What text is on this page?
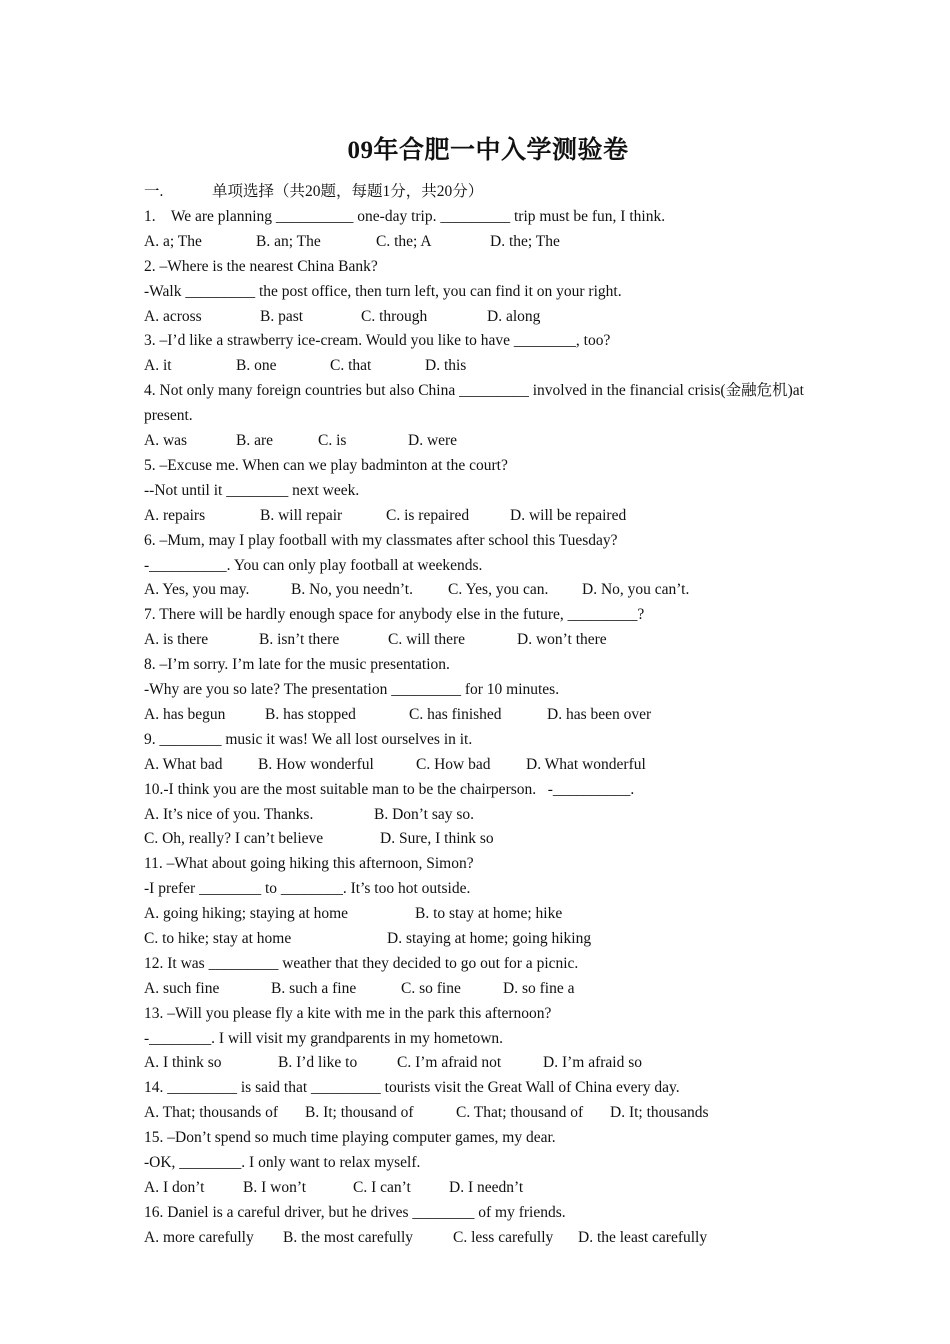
09年合肥一中入学测验卷
一.	单项选择（共20题，每题1分，共20分）
1.    We are planning __________ one-day trip. _________ trip must be fun, I think.
A. a; The	B. an; The	C. the; A	D. the; The
2. –Where is the nearest China Bank?
-Walk _________ the post office, then turn left, you can find it on your right.
A. across	B. past	C. through	D. along
3. –I’d like a strawberry ice-cream. Would you like to have ________, too?
A. it	B. one	C. that	D. this
4. Not only many foreign countries but also China _________ involved in the financial crisis(金融危机)at present.
A. was	B. are	C. is	D. were
5. –Excuse me. When can we play badminton at the court?
--Not until it ________ next week.
A. repairs	B. will repair	C. is repaired	D. will be repaired
6. –Mum, may I play football with my classmates after school this Tuesday?
-__________. You can only play football at weekends.
A. Yes, you may.	B. No, you needn’t.	C. Yes, you can.	D. No, you can’t.
7. There will be hardly enough space for anybody else in the future, _________?
A. is there	B. isn’t there	C. will there	D. won’t there
8. –I’m sorry. I’m late for the music presentation.
-Why are you so late? The presentation _________ for 10 minutes.
A. has begun	B. has stopped	C. has finished	D. has been over
9. ________ music it was! We all lost ourselves in it.
A. What bad	B. How wonderful	C. How bad	D. What wonderful
10.-I think you are the most suitable man to be the chairperson.   -__________.
A. It’s nice of you. Thanks.	B. Don’t say so.
C. Oh, really? I can’t believe	D. Sure, I think so
11. –What about going hiking this afternoon, Simon?
-I prefer ________ to ________. It’s too hot outside.
A. going hiking; staying at home	B. to stay at home; hike
C. to hike; stay at home	D. staying at home; going hiking
12. It was _________ weather that they decided to go out for a picnic.
A. such fine	B. such a fine	C. so fine	D. so fine a
13. –Will you please fly a kite with me in the park this afternoon?
-________. I will visit my grandparents in my hometown.
A. I think so	B. I’d like to	C. I’m afraid not	D. I’m afraid so
14. _________ is said that _________ tourists visit the Great Wall of China every day.
A. That; thousands of	B. It; thousand of	C. That; thousand of	D. It; thousands
15. –Don’t spend so much time playing computer games, my dear.
-OK, ________. I only want to relax myself.
A. I don’t	B. I won’t	C. I can’t	D. I needn’t
16. Daniel is a careful driver, but he drives ________ of my friends.
A. more carefully	B. the most carefully	C. less carefully	D. the least carefully
